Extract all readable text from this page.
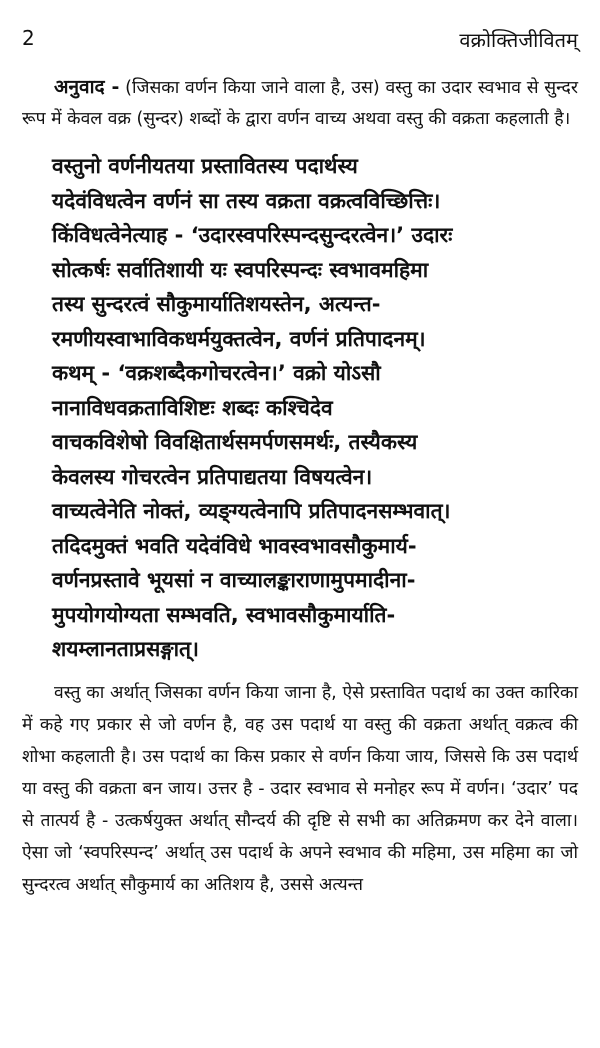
2	वक्रोक्तिजीवितम्

अनुवाद - (जिसका वर्णन किया जाने वाला है, उस) वस्तु का उदार स्वभाव से सुन्दर रूप में केवल वक्र (सुन्दर) शब्दों के द्वारा वर्णन वाच्य अथवा वस्तु की वक्रता कहलाती है।

वस्तुनो वर्णनीयतया प्रस्तावितस्य पदार्थस्य
यदेवंविधत्वेन वर्णनं सा तस्य वक्रता वक्रत्वविच्छित्तिः।
किंविधत्वेनेत्याह - ‘उदारस्वपरिस्पन्दसुन्दरत्वेन।’ उदारः
सोत्कर्षः सर्वातिशायी यः स्वपरिस्पन्दः स्वभावमहिमा
तस्य सुन्दरत्वं सौकुमार्यातिशयस्तेन, अत्यन्त-
रमणीयस्वाभाविकधर्मयुक्तत्वेन, वर्णनं प्रतिपादनम्।
कथम् - ‘वक्रशब्दैकगोचरत्वेन।’ वक्रो योऽसौ
नानाविधवक्रताविशिष्टः शब्दः कश्चिदेव
वाचकविशेषो विवक्षितार्थसमर्पणसमर्थः, तस्यैकस्य
केवलस्य गोचरत्वेन प्रतिपाद्यतया विषयत्वेन।
वाच्यत्वेनेति नोक्तं, व्यङ्ग्यत्वेनापि प्रतिपादनसम्भवात्।
तदिदमुक्तं भवति यदेवंविधे भावस्वभावसौकुमार्य-
वर्णनप्रस्तावे भूयसां न वाच्यालङ्काराणामुपमादीना-
मुपयोगयोग्यता सम्भवति, स्वभावसौकुमार्याति-
शयम्लानताप्रसङ्गात्।

वस्तु का अर्थात् जिसका वर्णन किया जाना है, ऐसे प्रस्तावित पदार्थ का उक्त कारिका में कहे गए प्रकार से जो वर्णन है, वह उस पदार्थ या वस्तु की वक्रता अर्थात् वक्रत्व की शोभा कहलाती है। उस पदार्थ का किस प्रकार से वर्णन किया जाय, जिससे कि उस पदार्थ या वस्तु की वक्रता बन जाय। उत्तर है - उदार स्वभाव से मनोहर रूप में वर्णन। ‘उदार’ पद से तात्पर्य है - उत्कर्षयुक्त अर्थात् सौन्दर्य की दृष्टि से सभी का अतिक्रमण कर देने वाला। ऐसा जो ‘स्वपरिस्पन्द’ अर्थात् उस पदार्थ के अपने स्वभाव की महिमा, उस महिमा का जो सुन्दरत्व अर्थात् सौकुमार्य का अतिशय है, उससे अत्यन्त
